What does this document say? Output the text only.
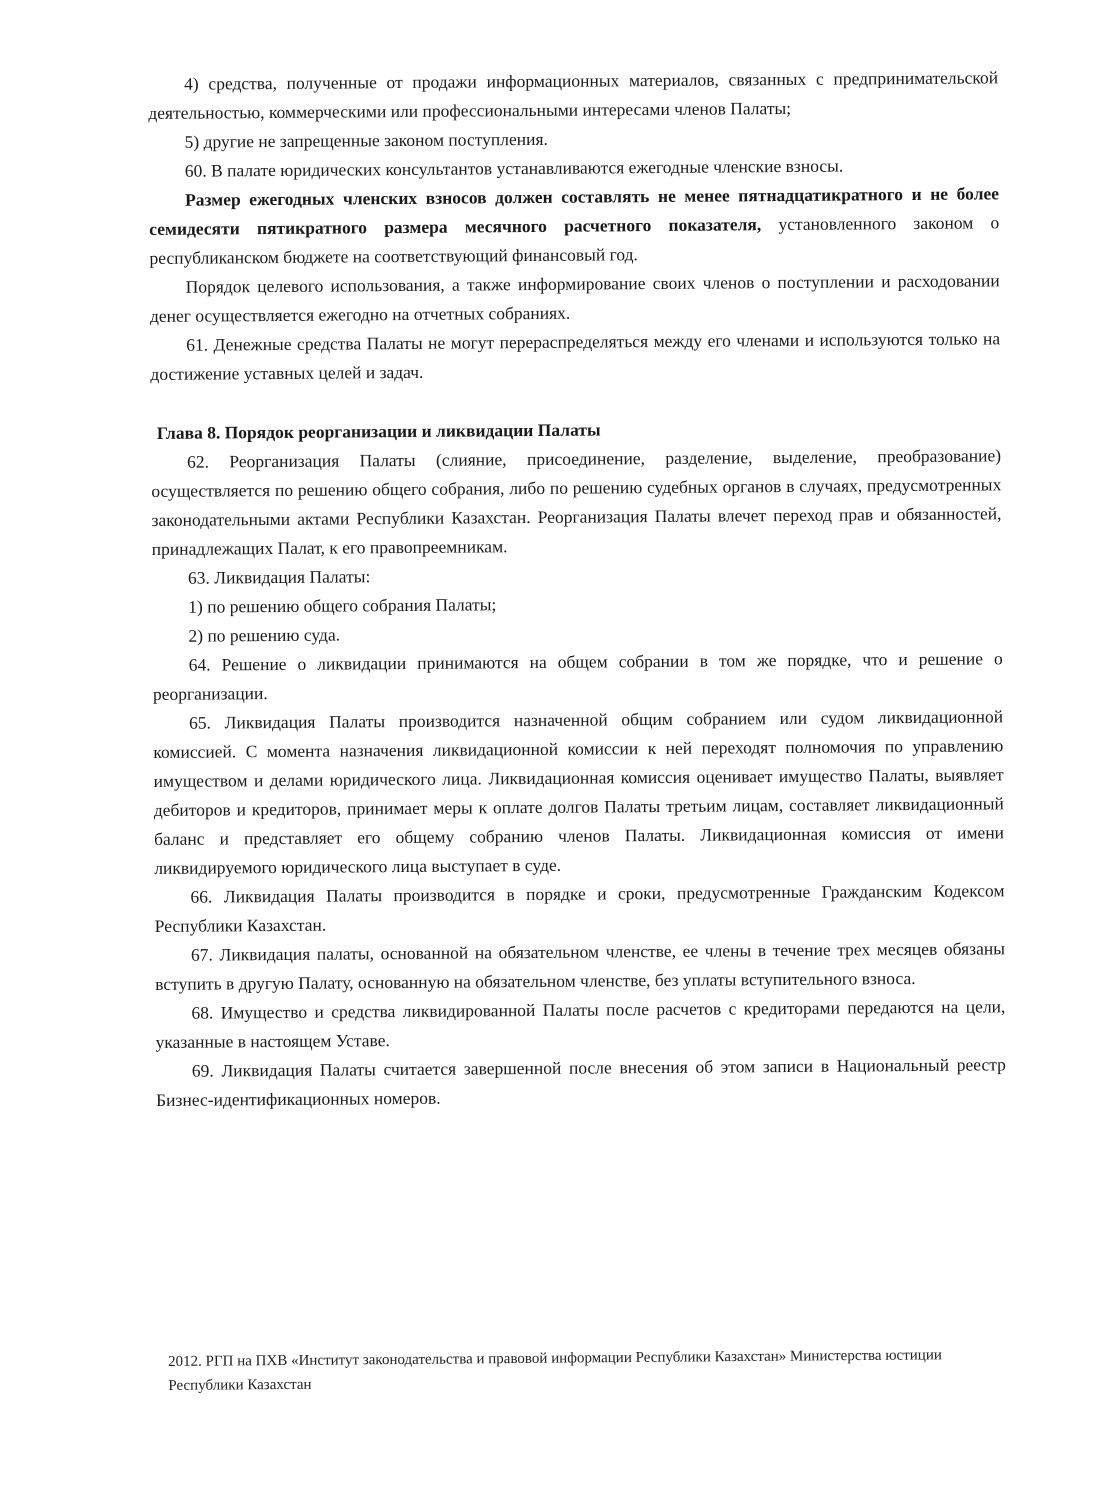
4) средства, полученные от продажи информационных материалов, связанных с предпринимательской деятельностью, коммерческими или профессиональными интересами членов Палаты;

5) другие не запрещенные законом поступления.

60. В палате юридических консультантов устанавливаются ежегодные членские взносы.

Размер ежегодных членских взносов должен составлять не менее пятнадцатикратного и не более семидесяти пятикратного размера месячного расчетного показателя, установленного законом о республиканском бюджете на соответствующий финансовый год.

Порядок целевого использования, а также информирование своих членов о поступлении и расходовании денег осуществляется ежегодно на отчетных собраниях.

61. Денежные средства Палаты не могут перераспределяться между его членами и используются только на достижение уставных целей и задач.

Глава 8. Порядок реорганизации и ликвидации Палаты

62. Реорганизация Палаты (слияние, присоединение, разделение, выделение, преобразование) осуществляется по решению общего собрания, либо по решению судебных органов в случаях, предусмотренных законодательными актами Республики Казахстан. Реорганизация Палаты влечет переход прав и обязанностей, принадлежащих Палат, к его правопреемникам.

63. Ликвидация Палаты:

1) по решению общего собрания Палаты;

2) по решению суда.

64. Решение о ликвидации принимаются на общем собрании в том же порядке, что и решение о реорганизации.

65. Ликвидация Палаты производится назначенной общим собранием или судом ликвидационной комиссией. С момента назначения ликвидационной комиссии к ней переходят полномочия по управлению имуществом и делами юридического лица. Ликвидационная комиссия оценивает имущество Палаты, выявляет дебиторов и кредиторов, принимает меры к оплате долгов Палаты третьим лицам, составляет ликвидационный баланс и представляет его общему собранию членов Палаты. Ликвидационная комиссия от имени ликвидируемого юридического лица выступает в суде.

66. Ликвидация Палаты производится в порядке и сроки, предусмотренные Гражданским Кодексом Республики Казахстан.

67. Ликвидация палаты, основанной на обязательном членстве, ее члены в течение трех месяцев обязаны вступить в другую Палату, основанную на обязательном членстве, без уплаты вступительного взноса.

68. Имущество и средства ликвидированной Палаты после расчетов с кредиторами передаются на цели, указанные в настоящем Уставе.

69. Ликвидация Палаты считается завершенной после внесения об этом записи в Национальный реестр Бизнес-идентификационных номеров.

2012. РГП на ПХВ «Институт законодательства и правовой информации Республики Казахстан» Министерства юстиции Республики Казахстан
